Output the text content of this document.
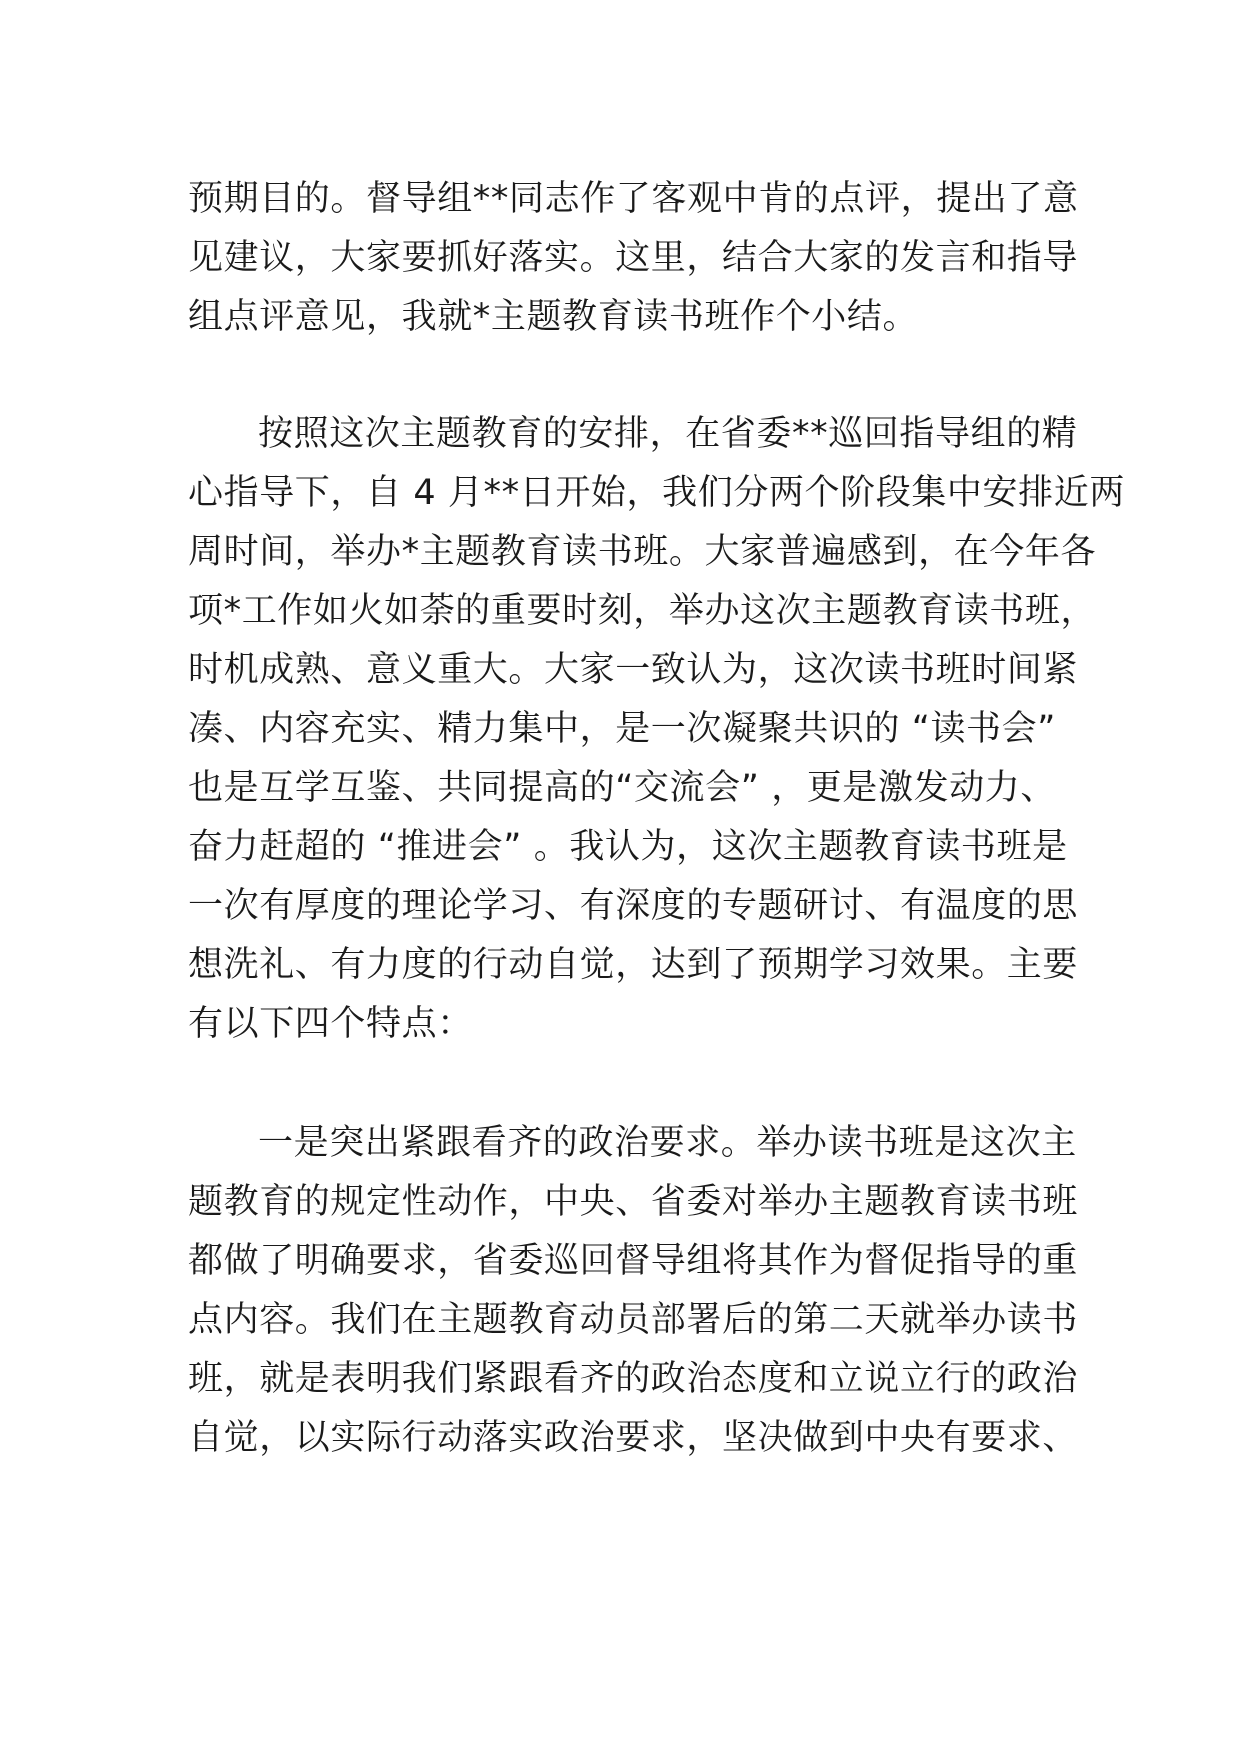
预期目的。督导组**同志作了客观中肯的点评，提出了意
见建议，大家要抓好落实。这里，结合大家的发言和指导
组点评意见，我就*主题教育读书班作个小结。
按照这次主题教育的安排，在省委**巡回指导组的精
心指导下，自 4 月**日开始，我们分两个阶段集中安排近两
周时间，举办*主题教育读书班。大家普遍感到，在今年各
项*工作如火如荼的重要时刻，举办这次主题教育读书班，
时机成熟、意义重大。大家一致认为，这次读书班时间紧
凑、内容充实、精力集中，是一次凝聚共识的 “读书会”
也是互学互鉴、共同提高的“交流会” ，更是激发动力、
奋力赶超的 “推进会” 。我认为，这次主题教育读书班是
一次有厚度的理论学习、有深度的专题研讨、有温度的思
想洗礼、有力度的行动自觉，达到了预期学习效果。主要
有以下四个特点：
一是突出紧跟看齐的政治要求。举办读书班是这次主
题教育的规定性动作，中央、省委对举办主题教育读书班
都做了明确要求，省委巡回督导组将其作为督促指导的重
点内容。我们在主题教育动员部署后的第二天就举办读书
班，就是表明我们紧跟看齐的政治态度和立说立行的政治
自觉，以实际行动落实政治要求，坚决做到中央有要求、
